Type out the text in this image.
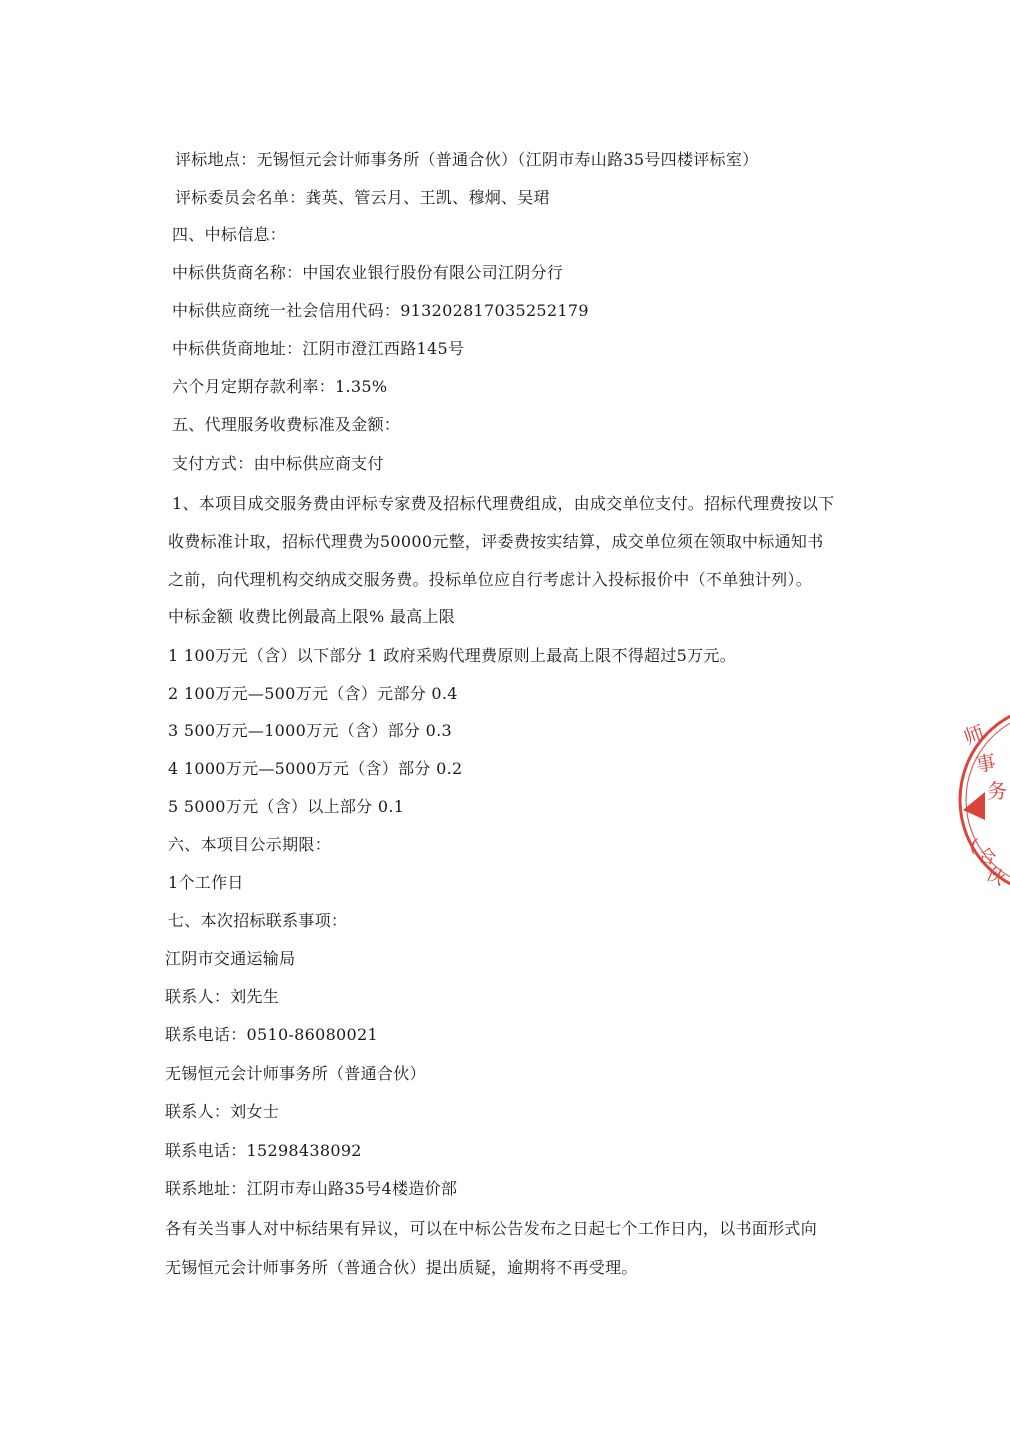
评标地点：无锡恒元会计师事务所（普通合伙）（江阴市寿山路35号四楼评标室）
评标委员会名单：龚英、管云月、王凯、穆炯、吴珺
四、中标信息：
中标供货商名称：中国农业银行股份有限公司江阴分行
中标供应商统一社会信用代码：913202817035252179
中标供货商地址：江阴市澄江西路145号
六个月定期存款利率：1.35%
五、代理服务收费标准及金额：
支付方式：由中标供应商支付
1、本项目成交服务费由评标专家费及招标代理费组成，由成交单位支付。招标代理费按以下
收费标准计取，招标代理费为50000元整，评委费按实结算，成交单位须在领取中标通知书
之前，向代理机构交纳成交服务费。投标单位应自行考虑计入投标报价中（不单独计列）。
中标金额 收费比例最高上限% 最高上限
1 100万元（含）以下部分 1 政府采购代理费原则上最高上限不得超过5万元。
2 100万元—500万元（含）元部分 0.4
3 500万元—1000万元（含）部分 0.3
4 1000万元—5000万元（含）部分 0.2
5 5000万元（含）以上部分 0.1
六、本项目公示期限：
1个工作日
七、本次招标联系事项：
江阴市交通运输局
联系人：刘先生
联系电话：0510-86080021
无锡恒元会计师事务所（普通合伙）
联系人：刘女士
联系电话：15298438092
联系地址：江阴市寿山路35号4楼造价部
各有关当事人对中标结果有异议，可以在中标公告发布之日起七个工作日内，以书面形式向
无锡恒元会计师事务所（普通合伙）提出质疑，逾期将不再受理。
师
事
务
(
合
伙
